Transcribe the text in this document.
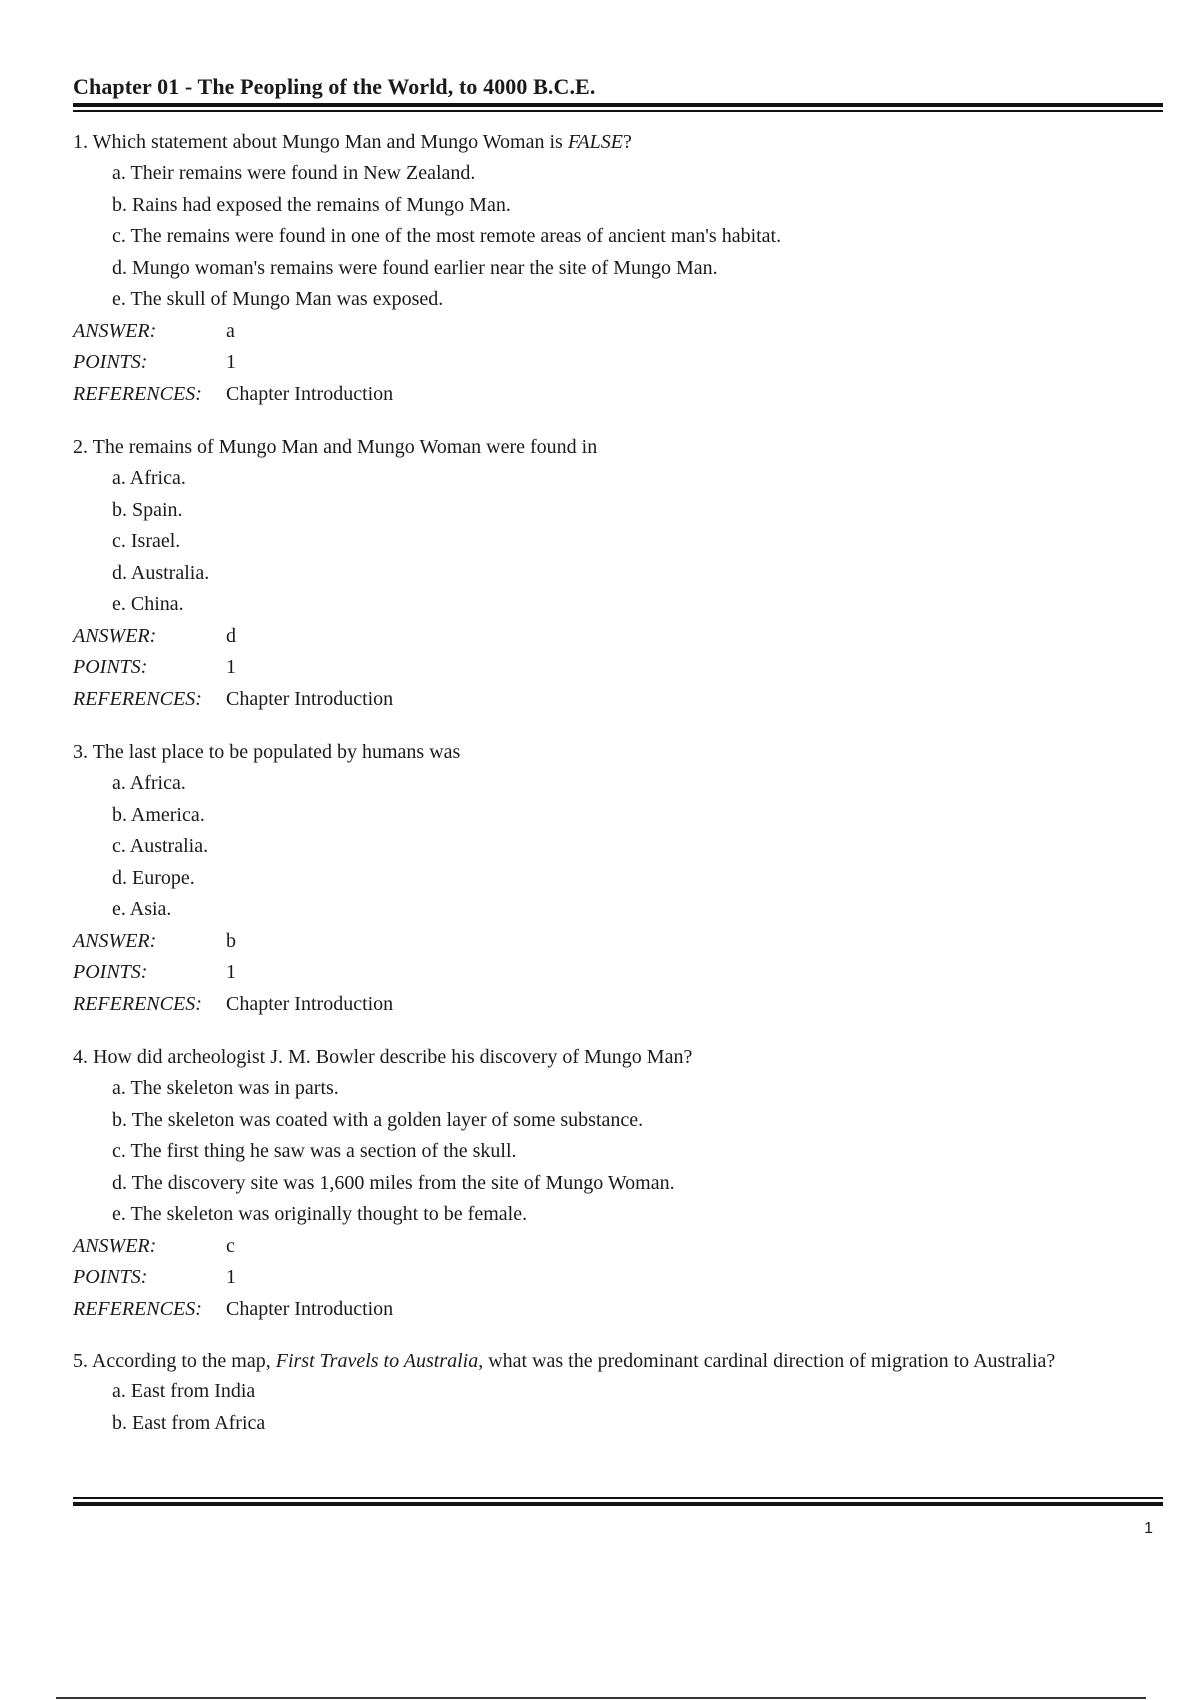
Chapter 01 - The Peopling of the World, to 4000 B.C.E.
1. Which statement about Mungo Man and Mungo Woman is FALSE?
a. Their remains were found in New Zealand.
b. Rains had exposed the remains of Mungo Man.
c. The remains were found in one of the most remote areas of ancient man's habitat.
d. Mungo woman's remains were found earlier near the site of Mungo Man.
e. The skull of Mungo Man was exposed.
ANSWER:	a
POINTS:	1
REFERENCES: Chapter Introduction
2. The remains of Mungo Man and Mungo Woman were found in
a. Africa.
b. Spain.
c. Israel.
d. Australia.
e. China.
ANSWER:	d
POINTS:	1
REFERENCES: Chapter Introduction
3. The last place to be populated by humans was
a. Africa.
b. America.
c. Australia.
d. Europe.
e. Asia.
ANSWER:	b
POINTS:	1
REFERENCES: Chapter Introduction
4. How did archeologist J. M. Bowler describe his discovery of Mungo Man?
a. The skeleton was in parts.
b. The skeleton was coated with a golden layer of some substance.
c. The first thing he saw was a section of the skull.
d. The discovery site was 1,600 miles from the site of Mungo Woman.
e. The skeleton was originally thought to be female.
ANSWER:	c
POINTS:	1
REFERENCES: Chapter Introduction
5. According to the map, First Travels to Australia, what was the predominant cardinal direction of migration to Australia?
a. East from India
b. East from Africa
1
